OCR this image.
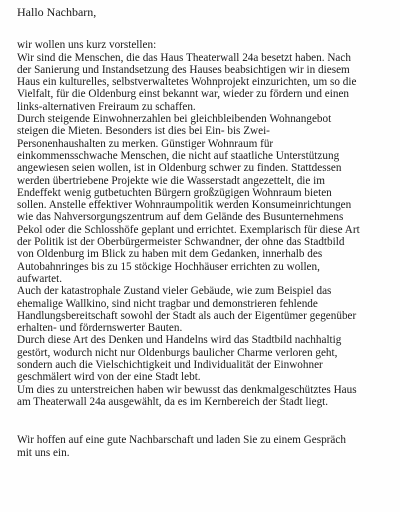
Hallo Nachbarn,

wir wollen uns kurz vorstellen:

Wir sind die Menschen, die das Haus Theaterwall 24a besetzt haben. Nach

der Sanierung und Instandsetzung des Hauses beabsichtigen wir in diesem

Haus ein kulturelles, selbstverwaltetes Wohnprojekt einzurichten, um so die

Vielfalt, für die Oldenburg einst bekannt war, wieder zu fördern und einen

links-alternativen Freiraum zu schaffen.

Durch steigende Einwohnerzahlen bei gleichbleibenden Wohnangebot

steigen die Mieten. Besonders ist dies bei Ein- bis Zwei-

Personenhaushalten zu merken. Günstiger Wohnraum für

einkommensschwache Menschen, die nicht auf staatliche Unterstützung

angewiesen seien wollen, ist in Oldenburg schwer zu finden. Stattdessen

werden übertriebene Projekte wie die Wasserstadt angezettelt, die im

Endeffekt wenig gutbetuchten Bürgern großzügigen Wohnraum bieten

sollen. Anstelle effektiver Wohnraumpolitik werden Konsumeinrichtungen

wie das Nahversorgungszentrum auf dem Gelände des Busunternehmens

Pekol oder die Schlosshöfe geplant und errichtet. Exemplarisch für diese Art

der Politik ist der Oberbürgermeister Schwandner, der ohne das Stadtbild

von Oldenburg im Blick zu haben mit dem Gedanken, innerhalb des

Autobahnringes bis zu 15 stöckige Hochhäuser errichten zu wollen,

aufwartet.

Auch der katastrophale Zustand vieler Gebäude, wie zum Beispiel das

ehemalige Wallkino, sind nicht tragbar und demonstrieren fehlende

Handlungsbereitschaft sowohl der Stadt als auch der Eigentümer gegenüber

erhalten- und fördernswerter Bauten.

Durch diese Art des Denken und Handelns wird das Stadtbild nachhaltig

gestört, wodurch nicht nur Oldenburgs baulicher Charme verloren geht,

sondern auch die Vielschichtigkeit und Individualität der Einwohner

geschmälert wird von der eine Stadt lebt.

Um dies zu unterstreichen haben wir bewusst das denkmalgeschütztes Haus

am Theaterwall 24a ausgewählt, da es im Kernbereich der Stadt liegt.

Wir hoffen auf eine gute Nachbarschaft und laden Sie zu einem Gespräch

mit uns ein.
